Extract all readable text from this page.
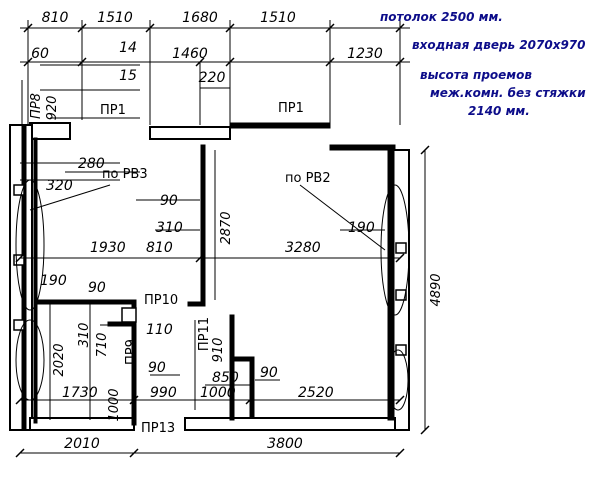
810 1510	1680	1510
60	1460	1230
14
15	220
920
ПР8	ПР1	ПР1
ПР10
ПР9
ПР11
ПР13
по РВ3	по РВ2
280
320
90
310
1930 810
2870
3280
190
190 90
310	110
710
2020
1730 1000
90
990
910
850 90
1000	2520
4890
2010	3800
потолок 2500 мм.
входная дверь 2070х970
высота проемов
меж.комн. без стяжки
2140 мм.
